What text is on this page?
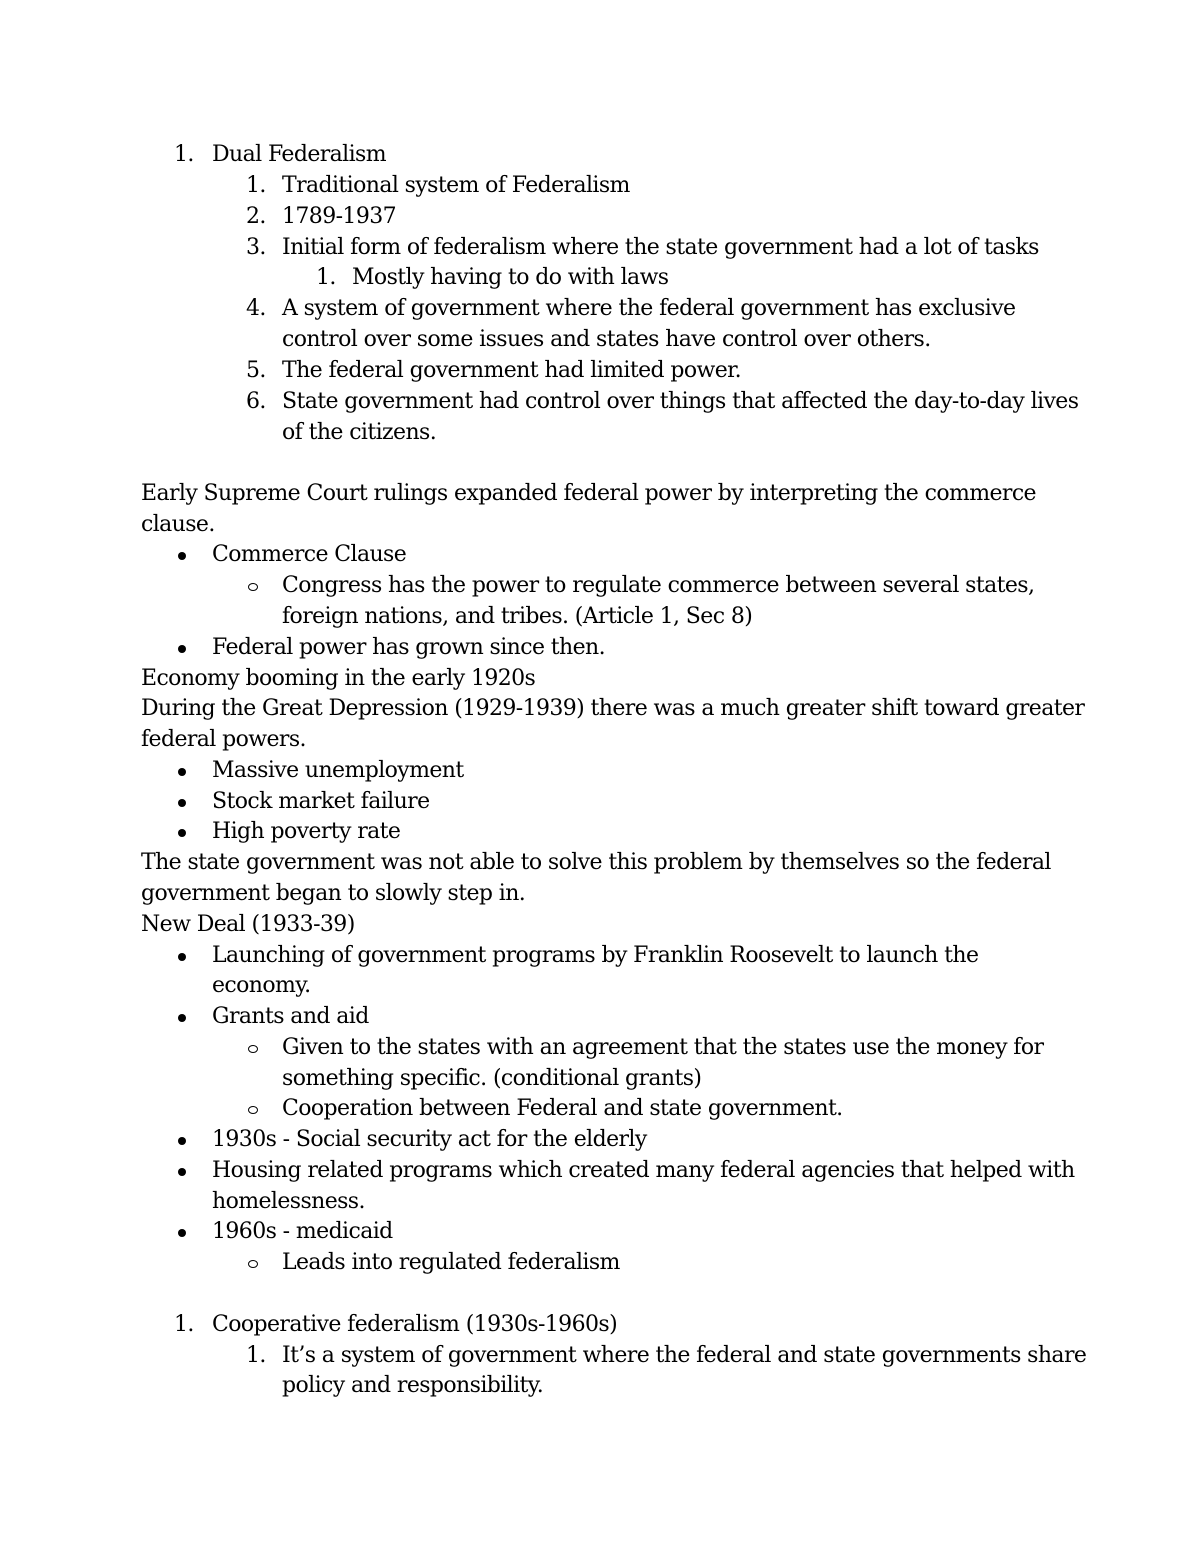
1. Dual Federalism
1. Traditional system of Federalism
2. 1789-1937
3. Initial form of federalism where the state government had a lot of tasks
1. Mostly having to do with laws
4. A system of government where the federal government has exclusive
control over some issues and states have control over others.
5. The federal government had limited power.
6. State government had control over things that affected the day-to-day lives
of the citizens.
Early Supreme Court rulings expanded federal power by interpreting the commerce
clause.
Commerce Clause
Congress has the power to regulate commerce between several states,
foreign nations, and tribes. (Article 1, Sec 8)
Federal power has grown since then.
Economy booming in the early 1920s
During the Great Depression (1929-1939) there was a much greater shift toward greater
federal powers.
Massive unemployment
Stock market failure
High poverty rate
The state government was not able to solve this problem by themselves so the federal
government began to slowly step in.
New Deal (1933-39)
Launching of government programs by Franklin Roosevelt to launch the
economy.
Grants and aid
Given to the states with an agreement that the states use the money for
something specific. (conditional grants)
Cooperation between Federal and state government.
1930s - Social security act for the elderly
Housing related programs which created many federal agencies that helped with
homelessness.
1960s - medicaid
Leads into regulated federalism
1. Cooperative federalism (1930s-1960s)
1. It’s a system of government where the federal and state governments share
policy and responsibility.
